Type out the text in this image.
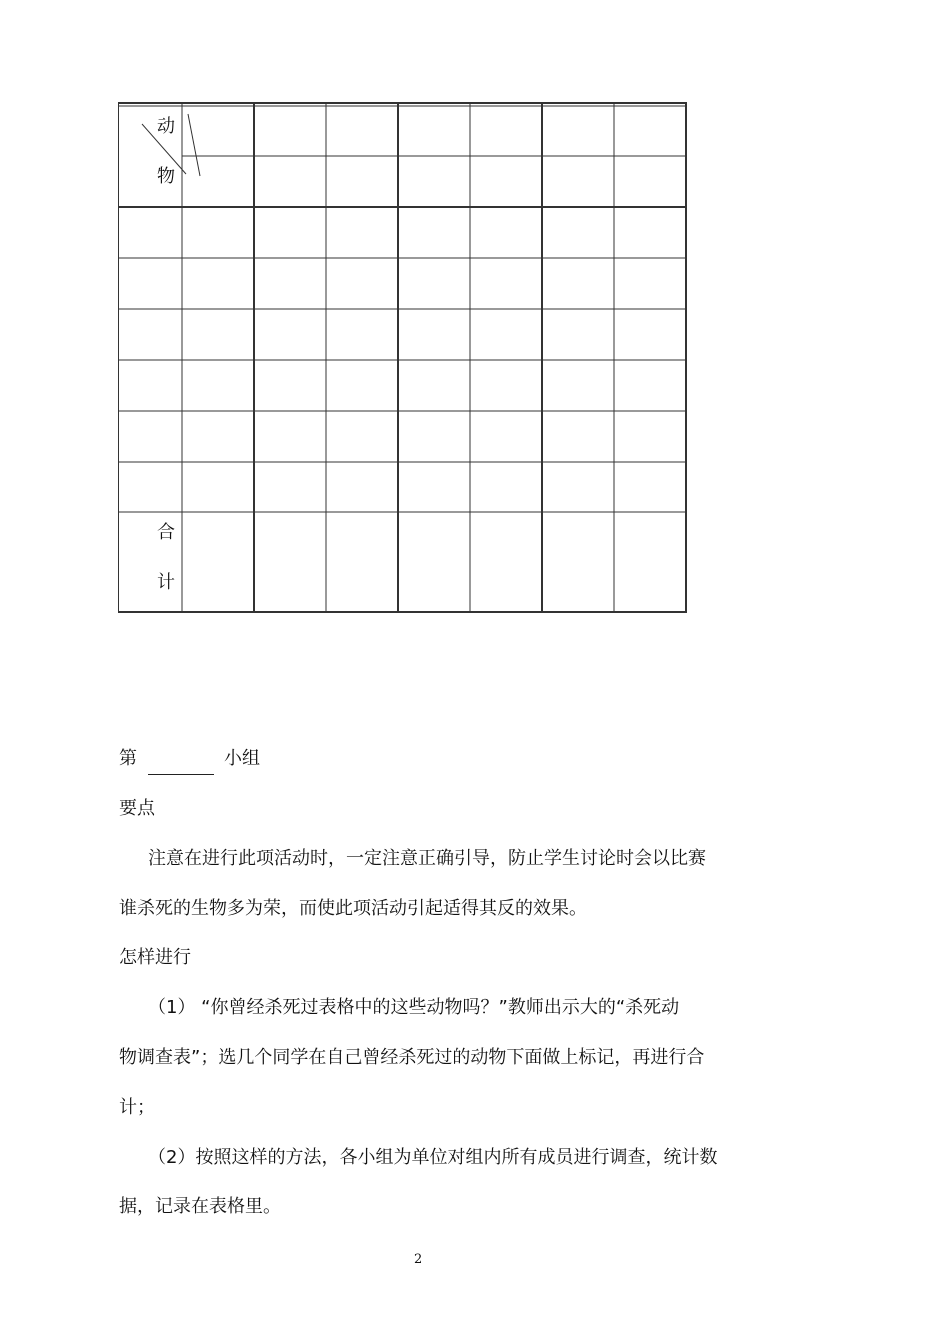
动
物
合
计
第	小组
要点
注意在进行此项活动时，一定注意正确引导，防止学生讨论时会以比赛
谁杀死的生物多为荣，而使此项活动引起适得其反的效果。
怎样进行
（1） “你曾经杀死过表格中的这些动物吗？”教师出示大的“杀死动
物调查表”；选几个同学在自己曾经杀死过的动物下面做上标记，再进行合
计；
（2）按照这样的方法，各小组为单位对组内所有成员进行调查，统计数
据，记录在表格里。
2
